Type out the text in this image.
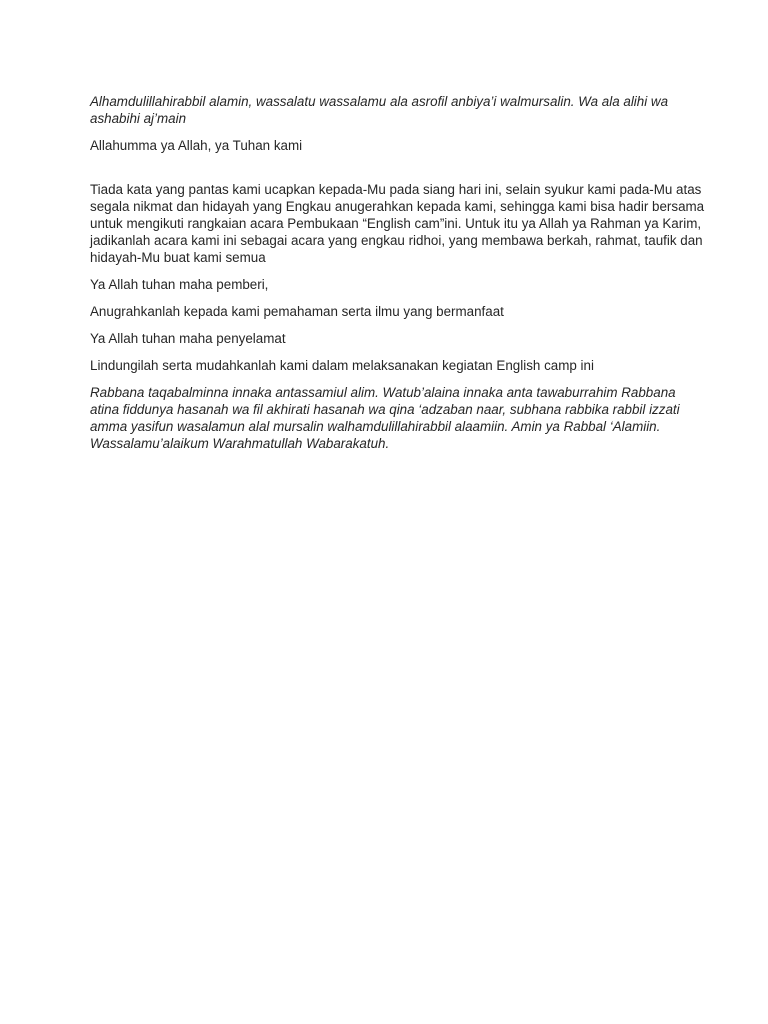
Alhamdulillahirabbil alamin, wassalatu wassalamu ala asrofil anbiya’i walmursalin. Wa ala alihi wa ashabihi aj’main

Allahumma ya Allah, ya Tuhan kami

Tiada kata yang pantas kami ucapkan kepada-Mu pada siang hari ini, selain syukur kami pada-Mu atas segala nikmat dan hidayah yang Engkau anugerahkan kepada kami, sehingga kami bisa hadir bersama untuk mengikuti rangkaian acara Pembukaan “English cam”ini. Untuk itu ya Allah ya Rahman ya Karim, jadikanlah acara kami ini sebagai acara yang engkau ridhoi, yang membawa berkah, rahmat, taufik dan hidayah-Mu buat kami semua

Ya Allah tuhan maha pemberi,

Anugrahkanlah kepada kami pemahaman serta ilmu yang bermanfaat

Ya Allah tuhan maha penyelamat

Lindungilah serta mudahkanlah kami dalam melaksanakan kegiatan English camp ini

Rabbana taqabalminna innaka antassamiul alim. Watub’alaina innaka anta tawaburrahim Rabbana atina fiddunya hasanah wa fil akhirati hasanah wa qina ‘adzaban naar, subhana rabbika rabbil izzati amma yasifun wasalamun alal mursalin walhamdulillahirabbil alaamiin. Amin ya Rabbal ‘Alamiin. Wassalamu’alaikum Warahmatullah Wabarakatuh.
